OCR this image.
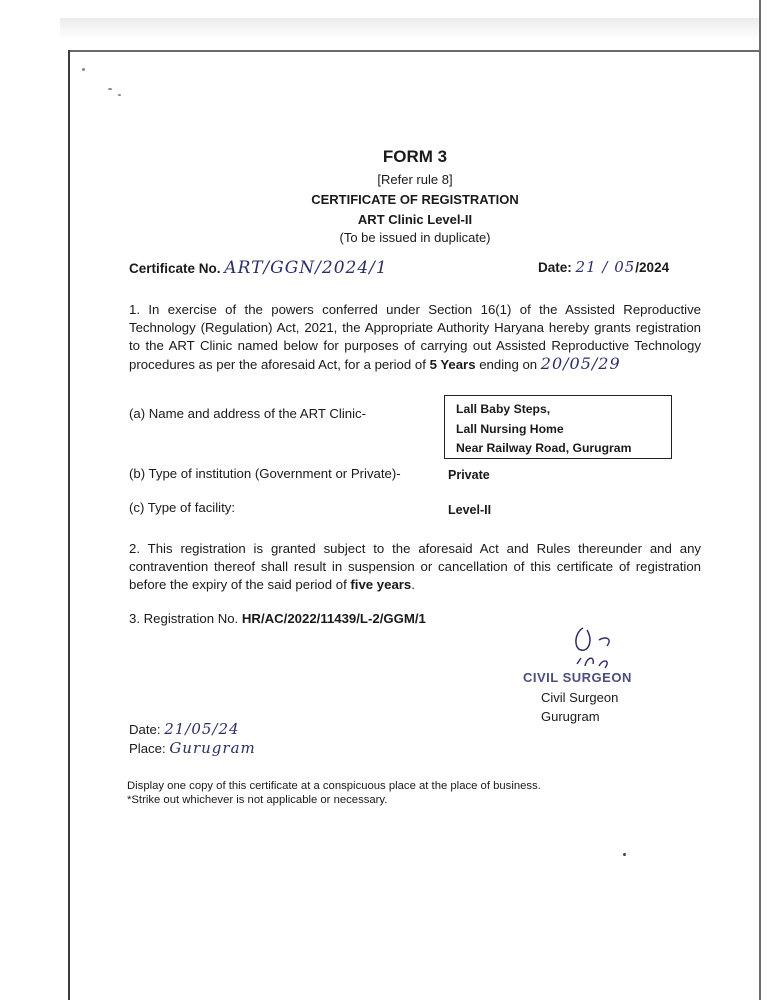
FORM 3
[Refer rule 8]
CERTIFICATE OF REGISTRATION
ART Clinic Level-II
(To be issued in duplicate)
Certificate No. ART/GGN/2024/1	Date: 21 / 05/2024
1. In exercise of the powers conferred under Section 16(1) of the Assisted Reproductive Technology (Regulation) Act, 2021, the Appropriate Authority Haryana hereby grants registration to the ART Clinic named below for purposes of carrying out Assisted Reproductive Technology procedures as per the aforesaid Act, for a period of 5 Years ending on 20/05/29
(a) Name and address of the ART Clinic-	Lall Baby Steps,
Lall Nursing Home
Near Railway Road, Gurugram
(b) Type of institution (Government or Private)-	Private
(c) Type of facility:	Level-II
2. This registration is granted subject to the aforesaid Act and Rules thereunder and any contravention thereof shall result in suspension or cancellation of this certificate of registration before the expiry of the said period of five years.
3. Registration No. HR/AC/2022/11439/L-2/GGM/1
CIVIL SURGEON
Civil Surgeon
Gurugram
Date: 21/05/24
Place: Gurugram
Display one copy of this certificate at a conspicuous place at the place of business.
*Strike out whichever is not applicable or necessary.
